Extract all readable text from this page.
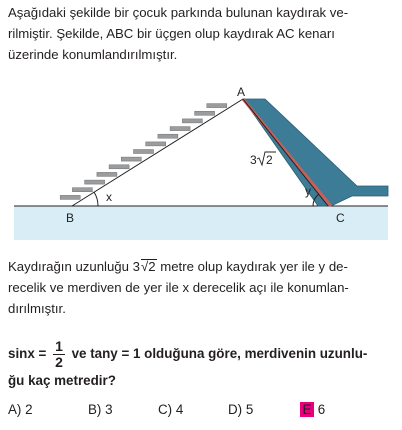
Aşağıdaki şekilde bir çocuk parkında bulunan kaydırak ve-
rilmiştir. Şekilde, ABC bir üçgen olup kaydırak AC kenarı
üzerinde konumlandırılmıştır.

A
B	C
x	y
3 2

Kaydırağın uzunluğu 3√2 metre olup kaydırak yer ile y de-
recelik ve merdiven de yer ile x derecelik açı ile konumlan-
dırılmıştır.

$\sin x = \frac{1}{2}$ ve tany = 1 olduğuna göre, merdivenin uzunlu-

ğu kaç metredir?

A) 2	B) 3	C) 4	D) 5	E 6
